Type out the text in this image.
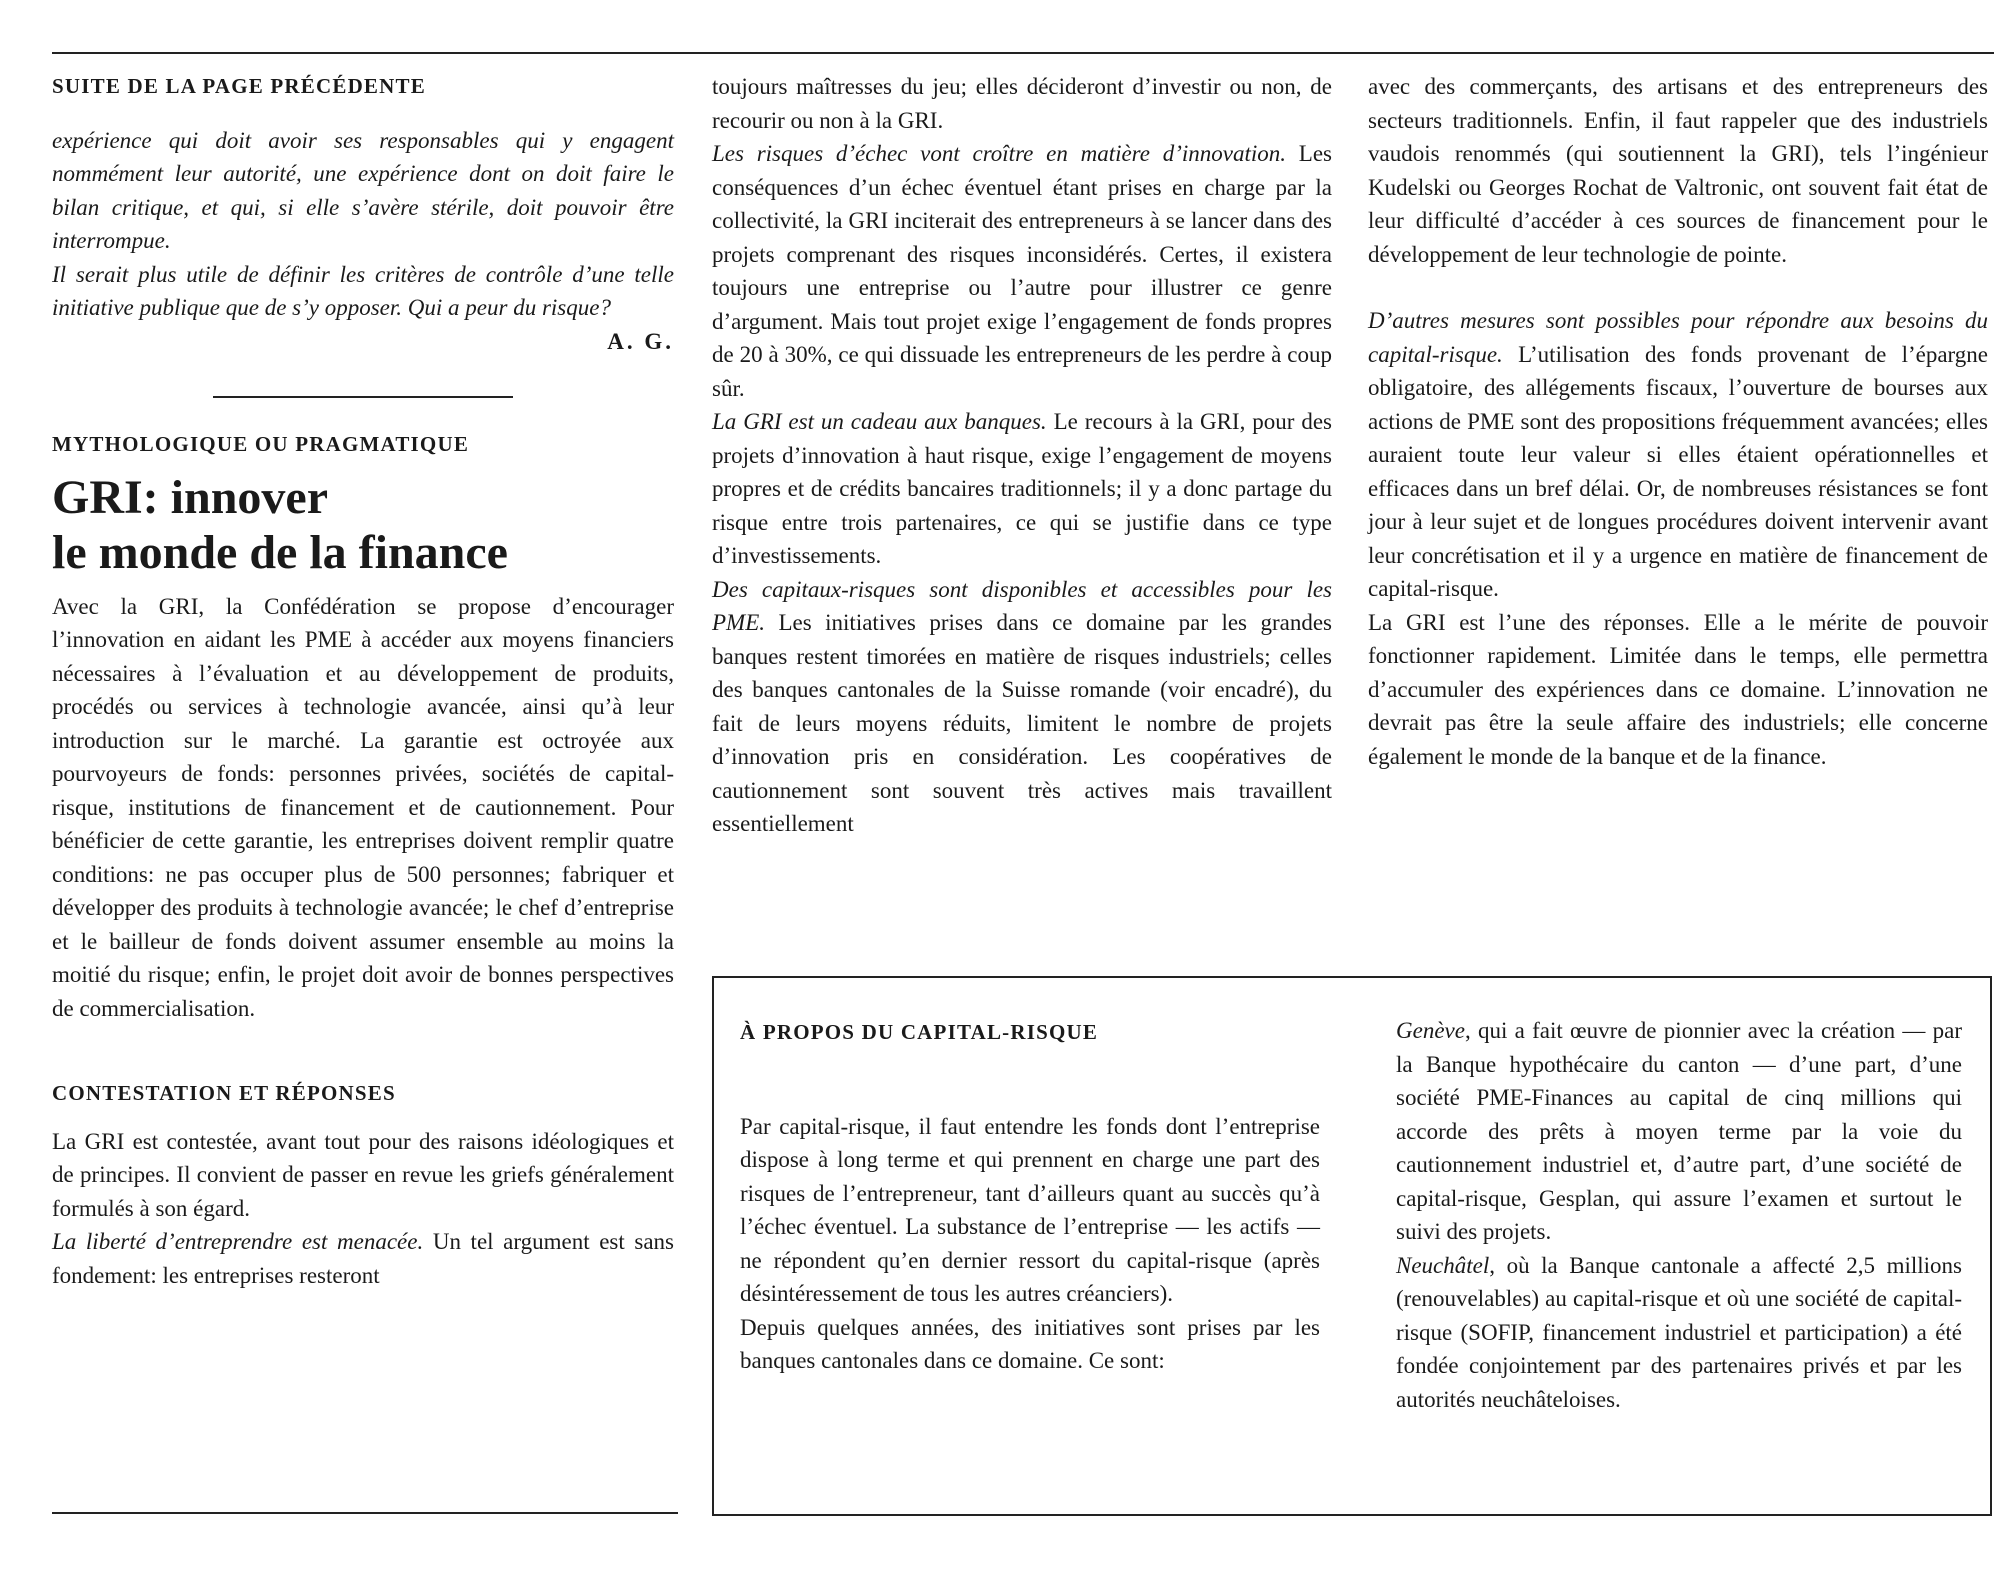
SUITE DE LA PAGE PRÉCÉDENTE

expérience qui doit avoir ses responsables qui y engagent nommément leur autorité, une expérience dont on doit faire le bilan critique, et qui, si elle s’avère stérile, doit pouvoir être interrompue.

Il serait plus utile de définir les critères de contrôle d’une telle initiative publique que de s’y opposer. Qui a peur du risque?

A. G.

MYTHOLOGIQUE OU PRAGMATIQUE

GRI: innover
le monde de la finance

Avec la GRI, la Confédération se propose d’encourager l’innovation en aidant les PME à accéder aux moyens financiers nécessaires à l’évaluation et au développement de produits, procédés ou services à technologie avancée, ainsi qu’à leur introduction sur le marché. La garantie est octroyée aux pourvoyeurs de fonds: personnes privées, sociétés de capital-risque, institutions de financement et de cautionnement. Pour bénéficier de cette garantie, les entreprises doivent remplir quatre conditions: ne pas occuper plus de 500 personnes; fabriquer et développer des produits à technologie avancée; le chef d’entreprise et le bailleur de fonds doivent assumer ensemble au moins la moitié du risque; enfin, le projet doit avoir de bonnes perspectives de commercialisation.

CONTESTATION ET RÉPONSES

La GRI est contestée, avant tout pour des raisons idéologiques et de principes. Il convient de passer en revue les griefs généralement formulés à son égard.

La liberté d’entreprendre est menacée. Un tel argument est sans fondement: les entreprises resteront

toujours maîtresses du jeu; elles décideront d’investir ou non, de recourir ou non à la GRI.

Les risques d’échec vont croître en matière d’innovation. Les conséquences d’un échec éventuel étant prises en charge par la collectivité, la GRI inciterait des entrepreneurs à se lancer dans des projets comprenant des risques inconsidérés. Certes, il existera toujours une entreprise ou l’autre pour illustrer ce genre d’argument. Mais tout projet exige l’engagement de fonds propres de 20 à 30%, ce qui dissuade les entrepreneurs de les perdre à coup sûr.

La GRI est un cadeau aux banques. Le recours à la GRI, pour des projets d’innovation à haut risque, exige l’engagement de moyens propres et de crédits bancaires traditionnels; il y a donc partage du risque entre trois partenaires, ce qui se justifie dans ce type d’investissements.

Des capitaux-risques sont disponibles et accessibles pour les PME. Les initiatives prises dans ce domaine par les grandes banques restent timorées en matière de risques industriels; celles des banques cantonales de la Suisse romande (voir encadré), du fait de leurs moyens réduits, limitent le nombre de projets d’innovation pris en considération. Les coopératives de cautionnement sont souvent très actives mais travaillent essentiellement

avec des commerçants, des artisans et des entrepreneurs des secteurs traditionnels. Enfin, il faut rappeler que des industriels vaudois renommés (qui soutiennent la GRI), tels l’ingénieur Kudelski ou Georges Rochat de Valtronic, ont souvent fait état de leur difficulté d’accéder à ces sources de financement pour le développement de leur technologie de pointe.

D’autres mesures sont possibles pour répondre aux besoins du capital-risque. L’utilisation des fonds provenant de l’épargne obligatoire, des allégements fiscaux, l’ouverture de bourses aux actions de PME sont des propositions fréquemment avancées; elles auraient toute leur valeur si elles étaient opérationnelles et efficaces dans un bref délai. Or, de nombreuses résistances se font jour à leur sujet et de longues procédures doivent intervenir avant leur concrétisation et il y a urgence en matière de financement de capital-risque.

La GRI est l’une des réponses. Elle a le mérite de pouvoir fonctionner rapidement. Limitée dans le temps, elle permettra d’accumuler des expériences dans ce domaine. L’innovation ne devrait pas être la seule affaire des industriels; elle concerne également le monde de la banque et de la finance.

À PROPOS DU CAPITAL-RISQUE

Par capital-risque, il faut entendre les fonds dont l’entreprise dispose à long terme et qui prennent en charge une part des risques de l’entrepreneur, tant d’ailleurs quant au succès qu’à l’échec éventuel. La substance de l’entreprise — les actifs — ne répondent qu’en dernier ressort du capital-risque (après désintéressement de tous les autres créanciers).

Depuis quelques années, des initiatives sont prises par les banques cantonales dans ce domaine. Ce sont:

Genève, qui a fait œuvre de pionnier avec la création — par la Banque hypothécaire du canton — d’une part, d’une société PME-Finances au capital de cinq millions qui accorde des prêts à moyen terme par la voie du cautionnement industriel et, d’autre part, d’une société de capital-risque, Gesplan, qui assure l’examen et surtout le suivi des projets.

Neuchâtel, où la Banque cantonale a affecté 2,5 millions (renouvelables) au capital-risque et où une société de capital-risque (SOFIP, financement industriel et participation) a été fondée conjointement par des partenaires privés et par les autorités neuchâteloises.
